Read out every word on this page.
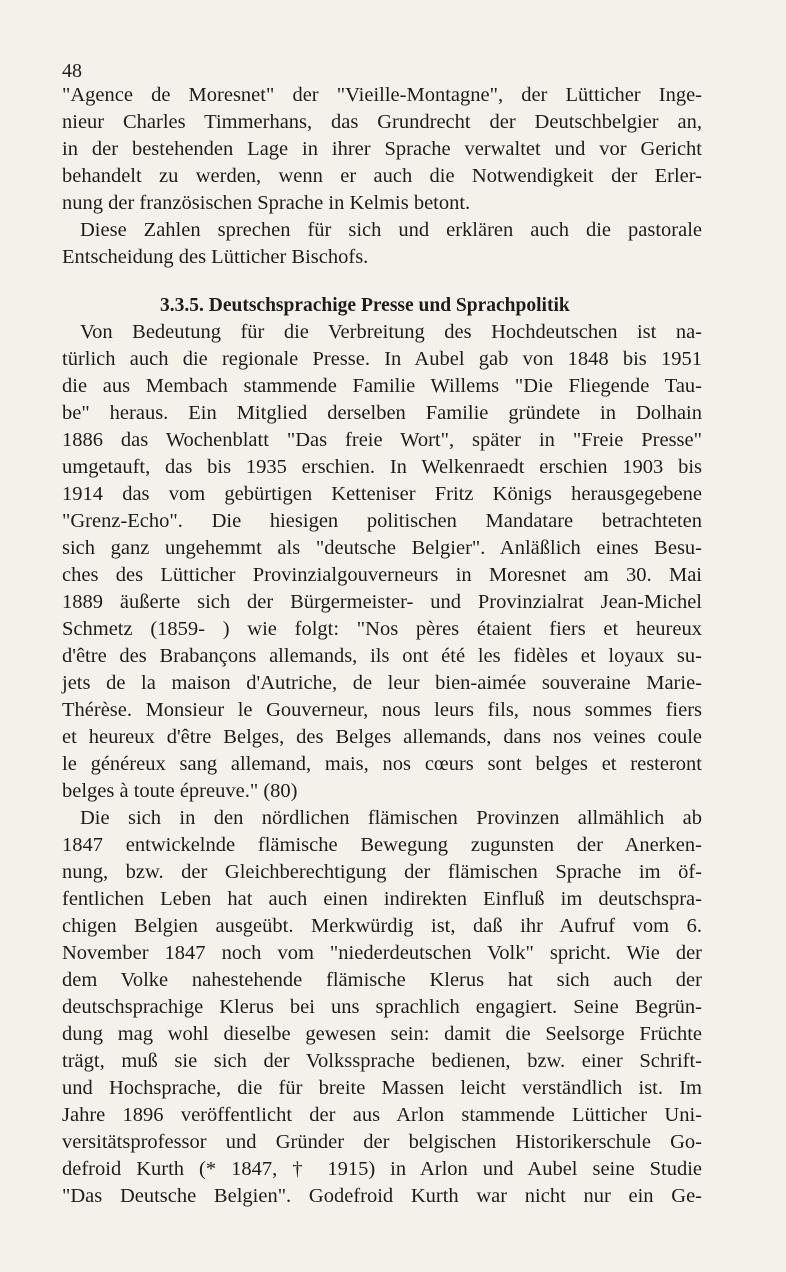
48
"Agence de Moresnet" der "Vieille-Montagne", der Lütticher Inge-
nieur Charles Timmerhans, das Grundrecht der Deutschbelgier an,
in der bestehenden Lage in ihrer Sprache verwaltet und vor Gericht
behandelt zu werden, wenn er auch die Notwendigkeit der Erler-
nung der französischen Sprache in Kelmis betont.
Diese Zahlen sprechen für sich und erklären auch die pastorale
Entscheidung des Lütticher Bischofs.
3.3.5. Deutschsprachige Presse und Sprachpolitik
Von Bedeutung für die Verbreitung des Hochdeutschen ist na-
türlich auch die regionale Presse. In Aubel gab von 1848 bis 1951
die aus Membach stammende Familie Willems "Die Fliegende Tau-
be" heraus. Ein Mitglied derselben Familie gründete in Dolhain
1886 das Wochenblatt "Das freie Wort", später in "Freie Presse"
umgetauft, das bis 1935 erschien. In Welkenraedt erschien 1903 bis
1914 das vom gebürtigen Ketteniser Fritz Königs herausgegebene
"Grenz-Echo". Die hiesigen politischen Mandatare betrachteten
sich ganz ungehemmt als "deutsche Belgier". Anläßlich eines Besu-
ches des Lütticher Provinzialgouverneurs in Moresnet am 30. Mai
1889 äußerte sich der Bürgermeister- und Provinzialrat Jean-Michel
Schmetz (1859- ) wie folgt: "Nos pères étaient fiers et heureux
d'être des Brabançons allemands, ils ont été les fidèles et loyaux su-
jets de la maison d'Autriche, de leur bien-aimée souveraine Marie-
Thérèse. Monsieur le Gouverneur, nous leurs fils, nous sommes fiers
et heureux d'être Belges, des Belges allemands, dans nos veines coule
le généreux sang allemand, mais, nos cœurs sont belges et resteront
belges à toute épreuve." (80)
Die sich in den nördlichen flämischen Provinzen allmählich ab
1847 entwickelnde flämische Bewegung zugunsten der Anerken-
nung, bzw. der Gleichberechtigung der flämischen Sprache im öf-
fentlichen Leben hat auch einen indirekten Einfluß im deutschspra-
chigen Belgien ausgeübt. Merkwürdig ist, daß ihr Aufruf vom 6.
November 1847 noch vom "niederdeutschen Volk" spricht. Wie der
dem Volke nahestehende flämische Klerus hat sich auch der
deutschsprachige Klerus bei uns sprachlich engagiert. Seine Begrün-
dung mag wohl dieselbe gewesen sein: damit die Seelsorge Früchte
trägt, muß sie sich der Volkssprache bedienen, bzw. einer Schrift-
und Hochsprache, die für breite Massen leicht verständlich ist. Im
Jahre 1896 veröffentlicht der aus Arlon stammende Lütticher Uni-
versitätsprofessor und Gründer der belgischen Historikerschule Go-
defroid Kurth (* 1847, † 1915) in Arlon und Aubel seine Studie
"Das Deutsche Belgien". Godefroid Kurth war nicht nur ein Ge-
